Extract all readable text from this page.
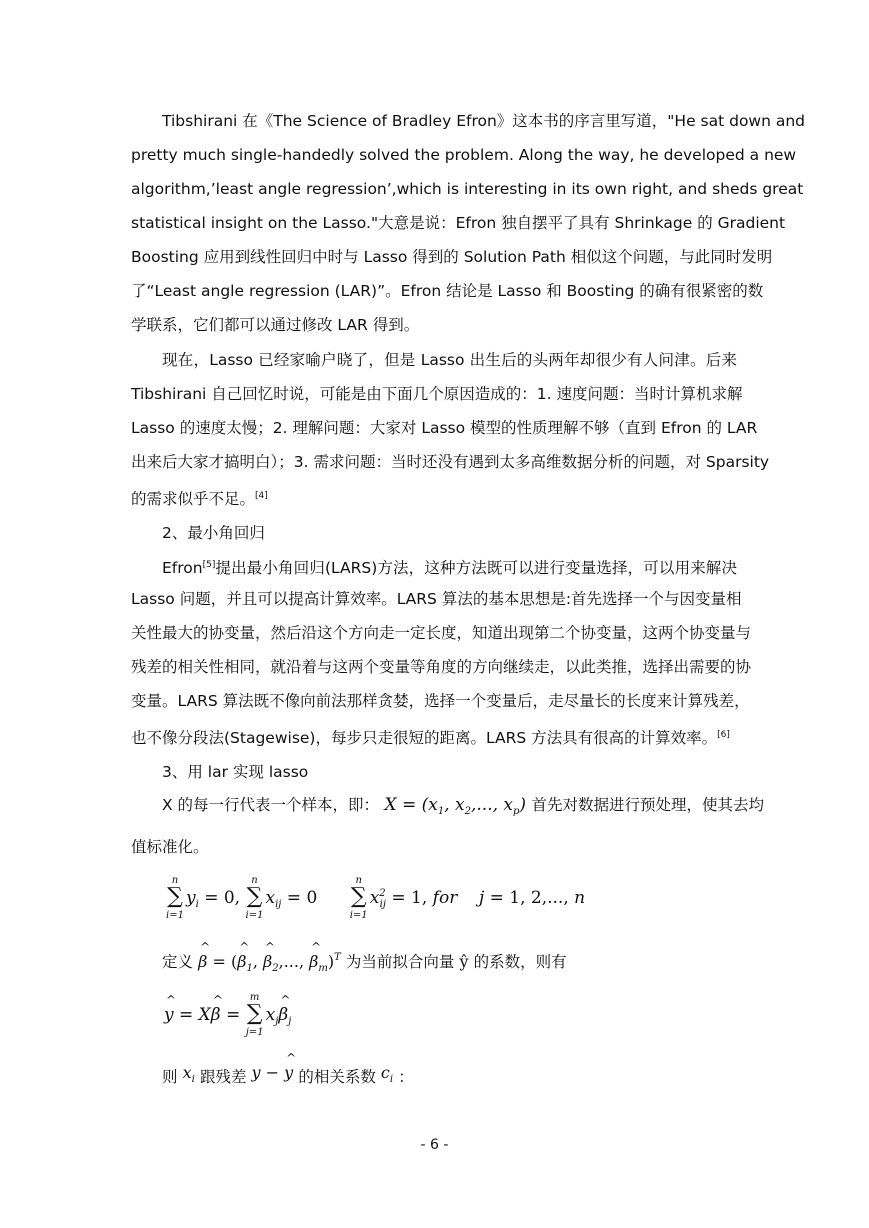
Tibshirani 在《The Science of Bradley Efron》这本书的序言里写道，"He sat down and
pretty much single-handedly solved the problem. Along the way, he developed a new
algorithm,’least angle regression’,which is interesting in its own right, and sheds great
statistical insight on the Lasso."大意是说：Efron 独自摆平了具有 Shrinkage 的 Gradient
Boosting 应用到线性回归中时与 Lasso 得到的 Solution Path 相似这个问题，与此同时发明
了“Least angle regression (LAR)”。Efron 结论是 Lasso 和 Boosting 的确有很紧密的数
学联系，它们都可以通过修改 LAR 得到。
现在，Lasso 已经家喻户晓了，但是 Lasso 出生后的头两年却很少有人问津。后来
Tibshirani 自己回忆时说，可能是由下面几个原因造成的：1. 速度问题：当时计算机求解
Lasso 的速度太慢；2. 理解问题：大家对 Lasso 模型的性质理解不够（直到 Efron 的 LAR
出来后大家才搞明白）；3. 需求问题：当时还没有遇到太多高维数据分析的问题，对 Sparsity
的需求似乎不足。[4]

2、最小角回归

Efron[5]提出最小角回归(LARS)方法，这种方法既可以进行变量选择，可以用来解决
Lasso 问题，并且可以提高计算效率。LARS 算法的基本思想是:首先选择一个与因变量相
关性最大的协变量，然后沿这个方向走一定长度，知道出现第二个协变量，这两个协变量与
残差的相关性相同，就沿着与这两个变量等角度的方向继续走，以此类推，选择出需要的协
变量。LARS 算法既不像向前法那样贪婪，选择一个变量后，走尽量长的长度来计算残差，
也不像分段法(Stagewise)，每步只走很短的距离。LARS 方法具有很高的计算效率。[6]

3、用 lar 实现 lasso

X 的每一行代表一个样本，即： $X = (x_1$, $x_2$,..., $x_p$) 首先对数据进行预处理，使其去均
值标准化。
n
∑
i=1
$y_i = 0$,
n
∑
i=1
$x_{ij} = 0$
n
∑
i=1
$x^2_{ij} = 1$, for j = 1, 2,..., n
定义 ^ β = (^ $\beta_1$, ^ $\beta_2$,..., ^ $\beta_m)^T$ 为当前拟合向量 ŷ 的系数，则有
^ y = X^ β =
m
∑
j=1
$x_j\^{}$ $\beta_j$
则 $x_i$ 跟残差 y − ^ y 的相关系数 $c_i$ ：
- 6 -
